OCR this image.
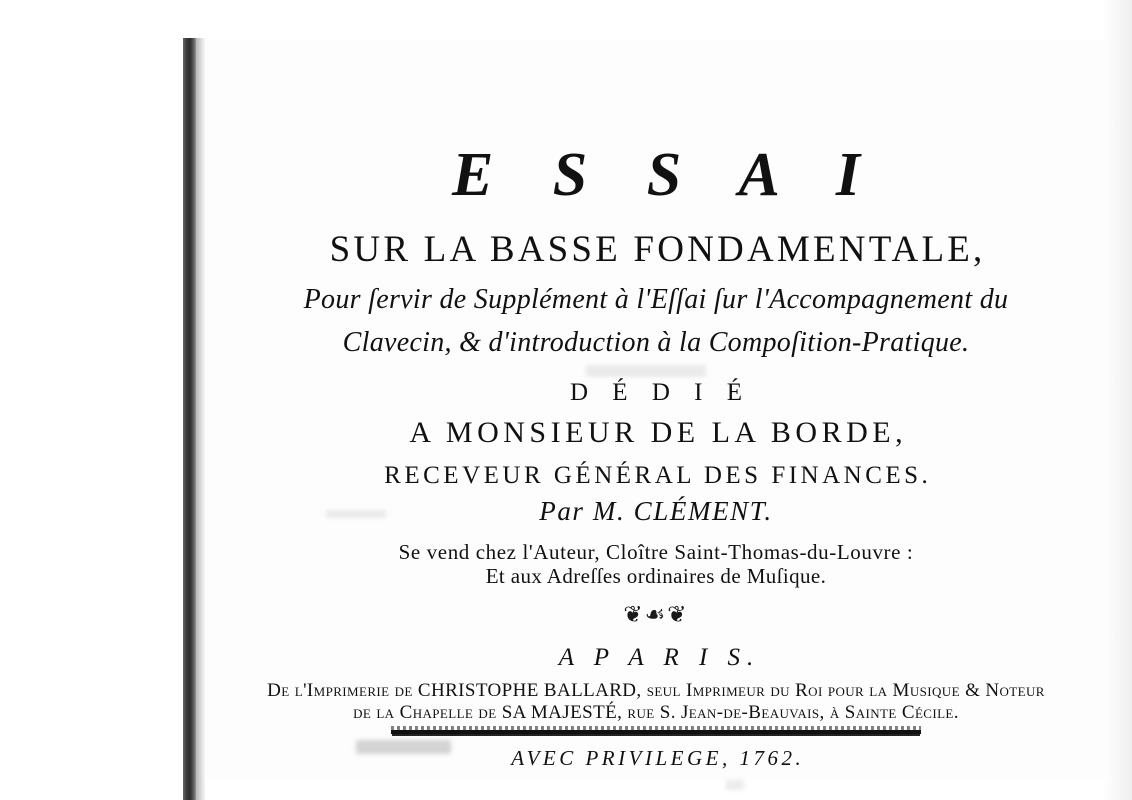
E S S A I
SUR LA BASSE FONDAMENTALE,
Pour ſervir de Supplément à l'Eſſai ſur l'Accompagnement du
Clavecin, & d'introduction à la Compoſition-Pratique.
D É D I É
A MONSIEUR DE LA BORDE,
RECEVEUR GÉNÉRAL DES FINANCES.
Par M. CLÉMENT.
Se vend chez l'Auteur, Cloître Saint-Thomas-du-Louvre :
Et aux Adreſſes ordinaires de Muſique.
❦☙❦
A P A R I S.
De l'Imprimerie de CHRISTOPHE BALLARD, ſeul Imprimeur du Roi pour la Muſique & Noteur
de la Chapelle de SA MAJESTÉ, rue S. Jean-de-Beauvais, à Sainte Cécile.
AVEC PRIVILEGE, 1762.
